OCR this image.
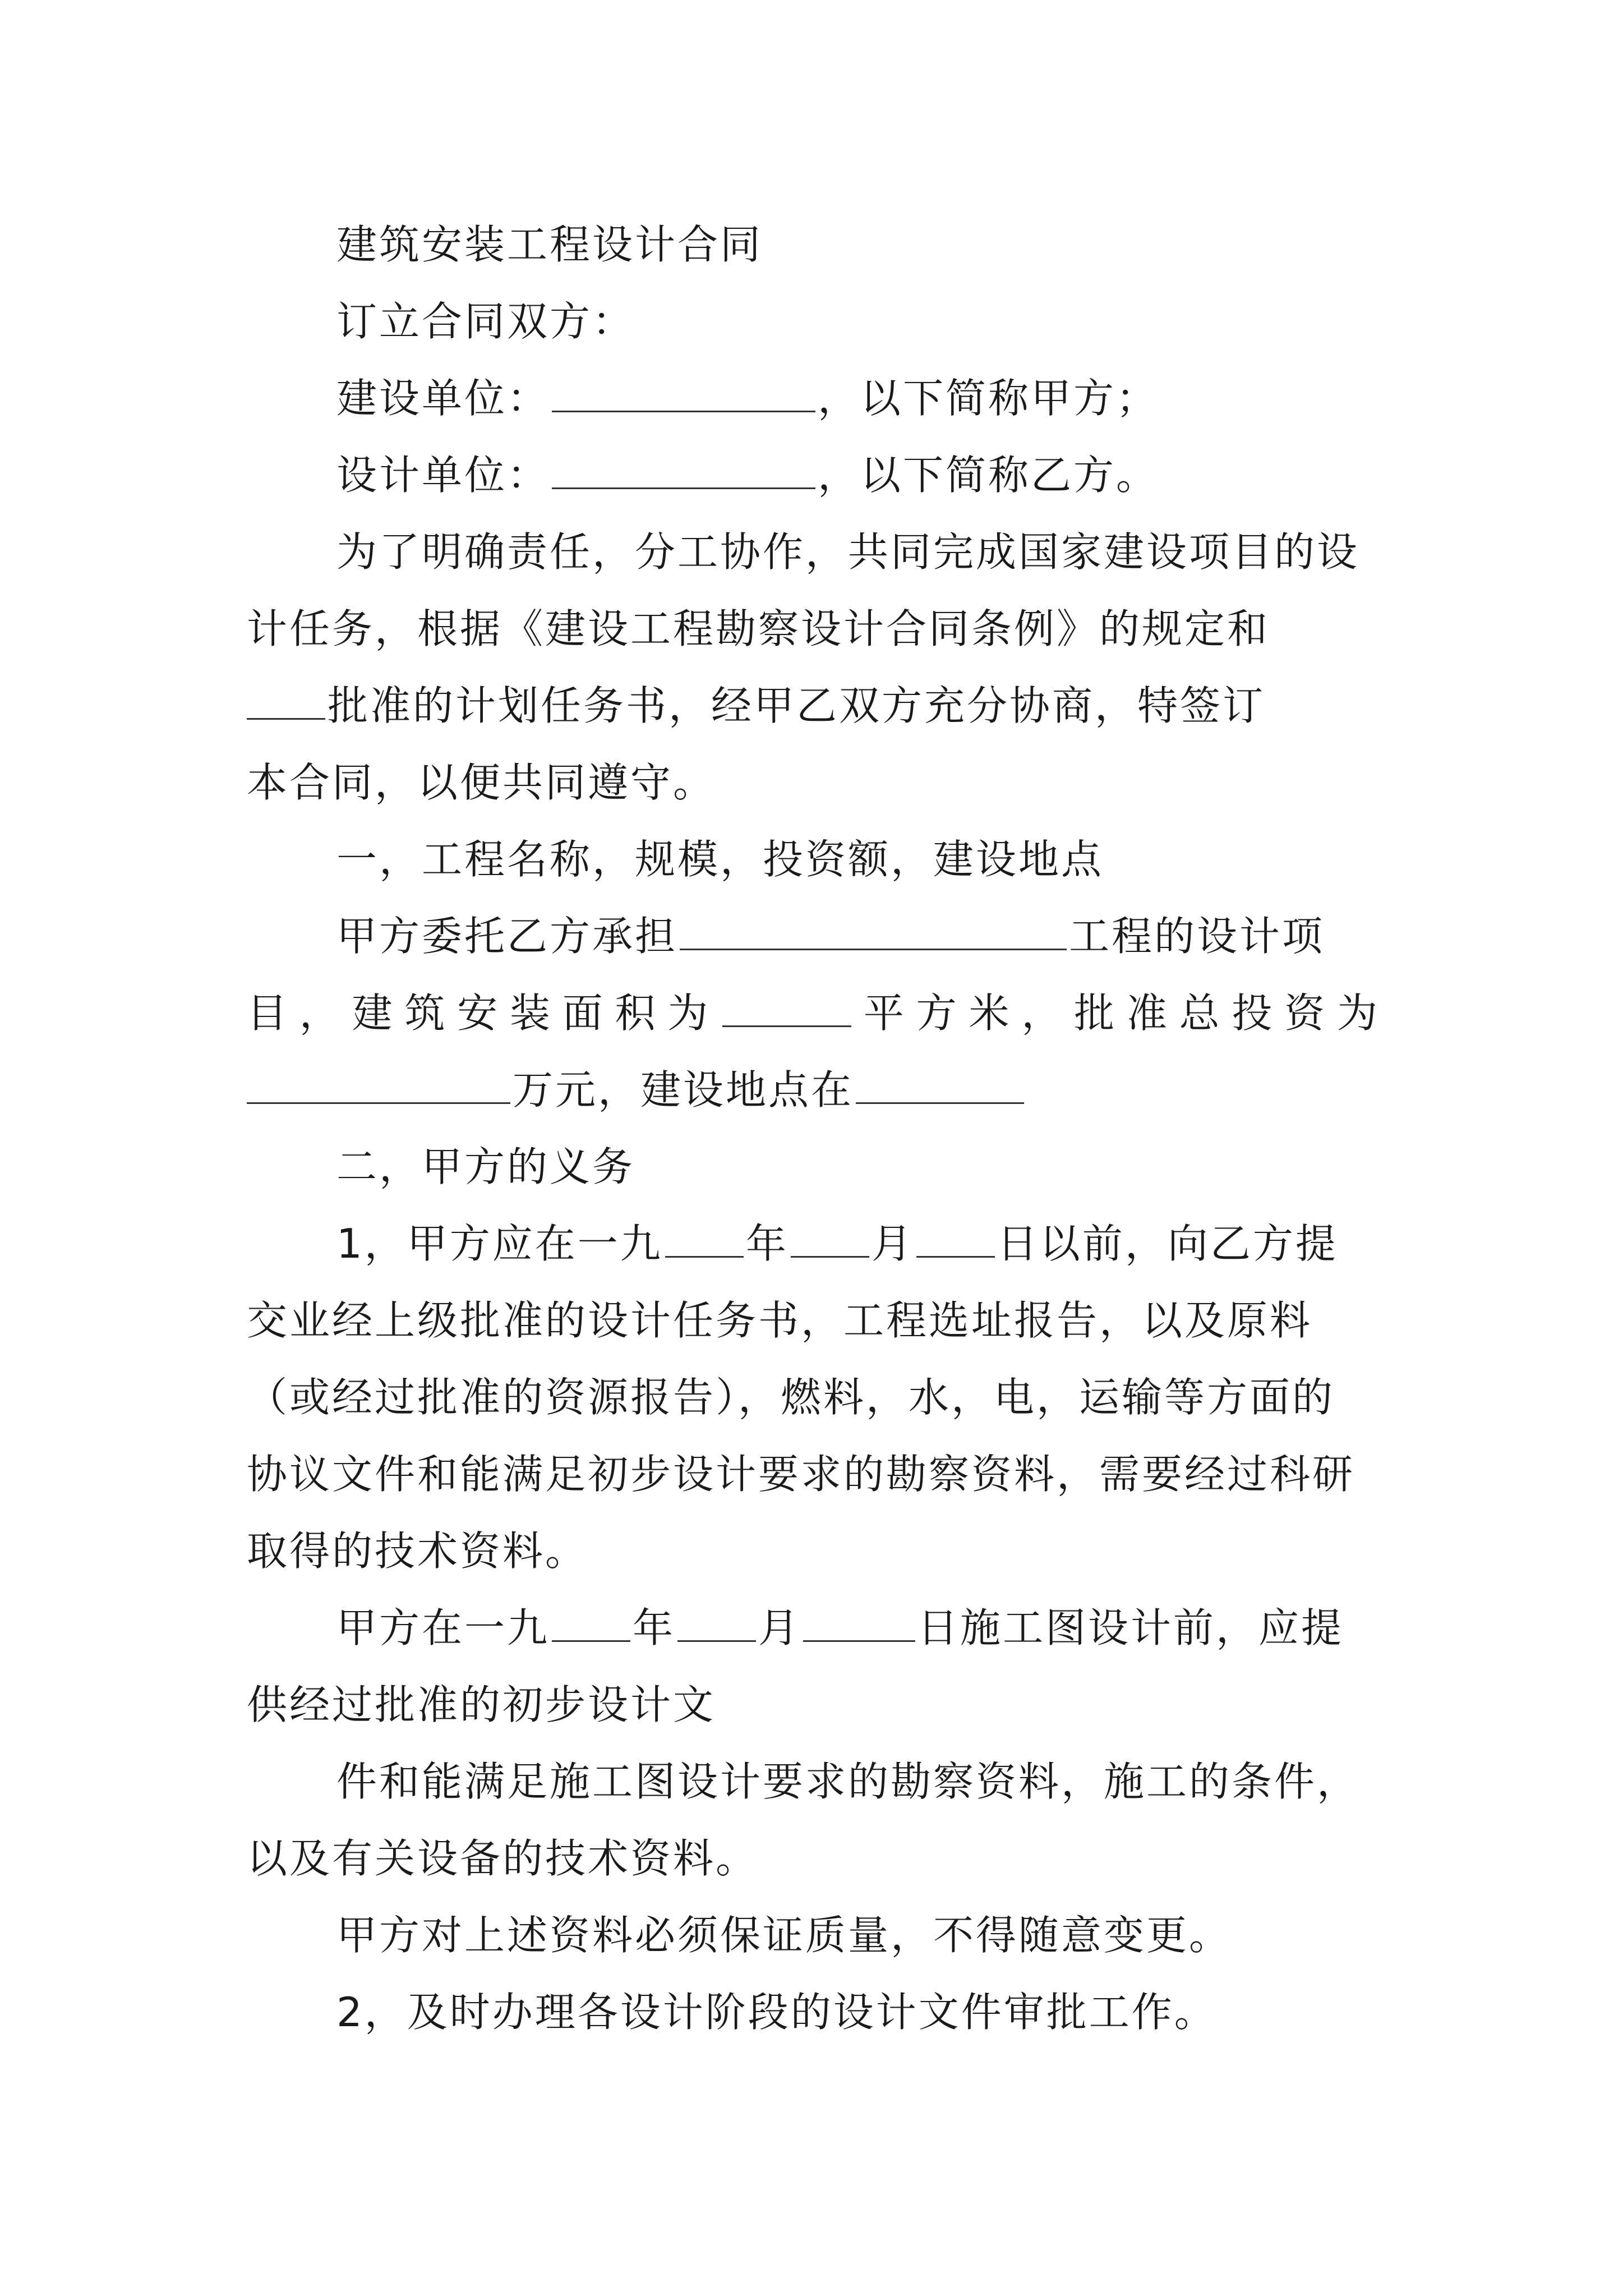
建筑安装工程设计合同
订立合同双方：
建设单位：	，以下简称甲方；
设计单位：	，以下简称乙方。
为了明确责任，分工协作，共同完成国家建设项目的设
计任务，根据《建设工程勘察设计合同条例》的规定和
批准的计划任务书，经甲乙双方充分协商，特签订
本合同，以便共同遵守。
一，工程名称，规模，投资额，建设地点
甲方委托乙方承担	工程的设计项
目，建筑安装面积为	平方米，批准总投资为
万元，建设地点在
二，甲方的义务
1，甲方应在一九 年 月 日以前，向乙方提
交业经上级批准的设计任务书，工程选址报告，以及原料
（或经过批准的资源报告），燃料，水，电，运输等方面的
协议文件和能满足初步设计要求的勘察资料，需要经过科研
取得的技术资料。
甲方在一九 年 月	日施工图设计前，应提
供经过批准的初步设计文
件和能满足施工图设计要求的勘察资料，施工的条件，
以及有关设备的技术资料。
甲方对上述资料必须保证质量，不得随意变更。
2，及时办理各设计阶段的设计文件审批工作。
